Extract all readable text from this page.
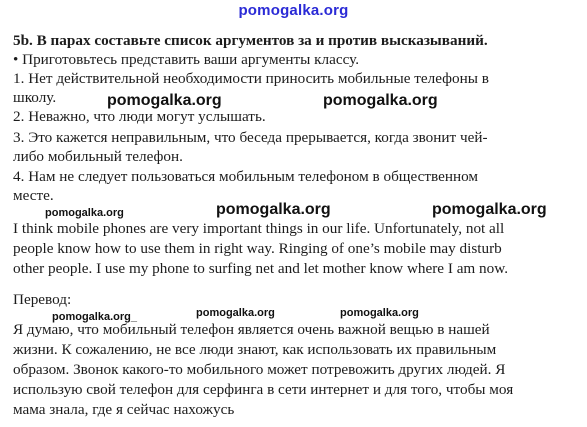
pomogalka.org
5b. В парах составьте список аргументов за и против высказываний.
• Приготовьтесь представить ваши аргументы классу.
1. Нет действительной необходимости приносить мобильные телефоны в
школу.
2. Неважно, что люди могут услышать.
3. Это кажется неправильным, что беседа прерывается, когда звонит чей-
либо мобильный телефон.
4. Нам не следует пользоваться мобильным телефоном в общественном
месте.
I think mobile phones are very important things in our life. Unfortunately, not all
people know how to use them in right way. Ringing of one’s mobile may disturb
other people. I use my phone to surfing net and let mother know where I am now.
Перевод:
Я думаю, что мобильный телефон является очень важной вещью в нашей
жизни. К сожалению, не все люди знают, как использовать их правильным
образом. Звонок какого-то мобильного может потревожить других людей. Я
использую свой телефон для серфинга в сети интернет и для того, чтобы моя
мама знала, где я сейчас нахожусь
pomogalka.org	pomogalka.org
pomogalka.org	pomogalka.org	pomogalka.org
pomogalka.org_	pomogalka.org	pomogalka.org
